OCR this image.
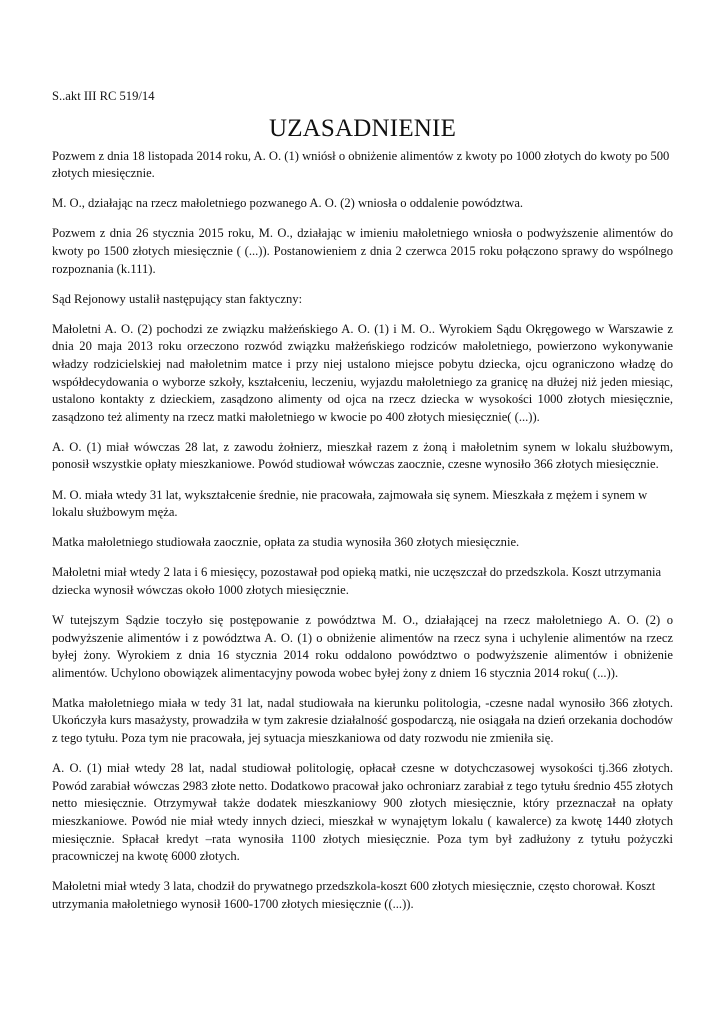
S..akt III RC 519/14

UZASADNIENIE

Pozwem z dnia 18 listopada 2014 roku, A. O. (1) wniósł o obniżenie alimentów z kwoty po 1000 złotych do kwoty po 500 złotych miesięcznie.

M. O., działając na rzecz małoletniego pozwanego A. O. (2) wniosła o oddalenie powództwa.

Pozwem z dnia 26 stycznia 2015 roku, M. O., działając w imieniu małoletniego wniosła o podwyższenie alimentów do kwoty po 1500 złotych miesięcznie ( (...)). Postanowieniem z dnia 2 czerwca 2015 roku połączono sprawy do wspólnego rozpoznania (k.111).

Sąd Rejonowy ustalił następujący stan faktyczny:

Małoletni A. O. (2) pochodzi ze związku małżeńskiego A. O. (1) i M. O.. Wyrokiem Sądu Okręgowego w Warszawie z dnia 20 maja 2013 roku orzeczono rozwód związku małżeńskiego rodziców małoletniego, powierzono wykonywanie władzy rodzicielskiej nad małoletnim matce i przy niej ustalono miejsce pobytu dziecka, ojcu ograniczono władzę do współdecydowania o wyborze szkoły, kształceniu, leczeniu, wyjazdu małoletniego za granicę na dłużej niż jeden miesiąc, ustalono kontakty z dzieckiem, zasądzono alimenty od ojca na rzecz dziecka w wysokości 1000 złotych miesięcznie, zasądzono też alimenty na rzecz matki małoletniego w kwocie po 400 złotych miesięcznie( (...)).

A. O. (1) miał wówczas 28 lat, z zawodu żołnierz, mieszkał razem z żoną i małoletnim synem w lokalu służbowym, ponosił wszystkie opłaty mieszkaniowe. Powód studiował wówczas zaocznie, czesne wynosiło 366 złotych miesięcznie.

M. O. miała wtedy 31 lat, wykształcenie średnie, nie pracowała, zajmowała się synem. Mieszkała z mężem i synem w lokalu służbowym męża.

Matka małoletniego studiowała zaocznie, opłata za studia wynosiła 360 złotych miesięcznie.

Małoletni miał wtedy 2 lata i 6 miesięcy, pozostawał pod opieką matki, nie uczęszczał do przedszkola. Koszt utrzymania dziecka wynosił wówczas około 1000 złotych miesięcznie.

W tutejszym Sądzie toczyło się postępowanie z powództwa M. O., działającej na rzecz małoletniego A. O. (2) o podwyższenie alimentów i z powództwa A. O. (1) o obniżenie alimentów na rzecz syna i uchylenie alimentów na rzecz byłej żony. Wyrokiem z dnia 16 stycznia 2014 roku oddalono powództwo o podwyższenie alimentów i obniżenie alimentów. Uchylono obowiązek alimentacyjny powoda wobec byłej żony z dniem 16 stycznia 2014 roku( (...)).

Matka małoletniego miała w tedy 31 lat, nadal studiowała na kierunku politologia, -czesne nadal wynosiło 366 złotych. Ukończyła kurs masażysty, prowadziła w tym zakresie działalność gospodarczą, nie osiągała na dzień orzekania dochodów z tego tytułu. Poza tym nie pracowała, jej sytuacja mieszkaniowa od daty rozwodu nie zmieniła się.

A. O. (1) miał wtedy 28 lat, nadal studiował politologię, opłacał czesne w dotychczasowej wysokości tj.366 złotych. Powód zarabiał wówczas 2983 złote netto. Dodatkowo pracował jako ochroniarz zarabiał z tego tytułu średnio 455 złotych netto miesięcznie. Otrzymywał także dodatek mieszkaniowy 900 złotych miesięcznie, który przeznaczał na opłaty mieszkaniowe. Powód nie miał wtedy innych dzieci, mieszkał w wynajętym lokalu ( kawalerce) za kwotę 1440 złotych miesięcznie. Spłacał kredyt –rata wynosiła 1100 złotych miesięcznie. Poza tym był zadłużony z tytułu pożyczki pracowniczej na kwotę 6000 złotych.

Małoletni miał wtedy 3 lata, chodził do prywatnego przedszkola-koszt 600 złotych miesięcznie, często chorował. Koszt utrzymania małoletniego wynosił 1600-1700 złotych miesięcznie ((...)).
